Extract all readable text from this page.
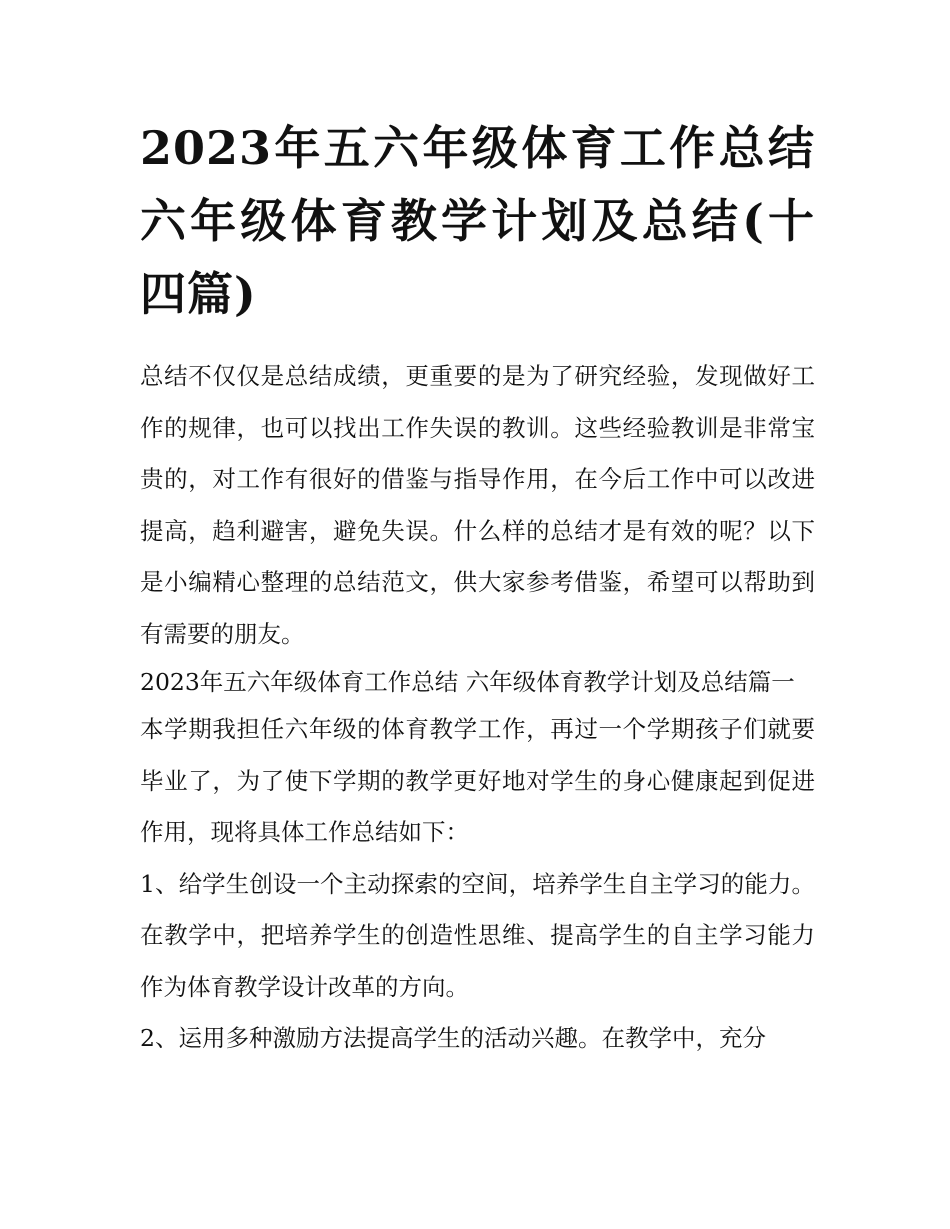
2023年五六年级体育工作总结 六年级体育教学计划及总结(十四篇)

总结不仅仅是总结成绩，更重要的是为了研究经验，发现做好工作的规律，也可以找出工作失误的教训。这些经验教训是非常宝贵的，对工作有很好的借鉴与指导作用，在今后工作中可以改进提高，趋利避害，避免失误。什么样的总结才是有效的呢？以下是小编精心整理的总结范文，供大家参考借鉴，希望可以帮助到有需要的朋友。

2023年五六年级体育工作总结 六年级体育教学计划及总结篇一

本学期我担任六年级的体育教学工作，再过一个学期孩子们就要毕业了，为了使下学期的教学更好地对学生的身心健康起到促进作用，现将具体工作总结如下：

1、给学生创设一个主动探索的空间，培养学生自主学习的能力。在教学中，把培养学生的创造性思维、提高学生的自主学习能力作为体育教学设计改革的方向。

2、运用多种激励方法提高学生的活动兴趣。在教学中，充分
